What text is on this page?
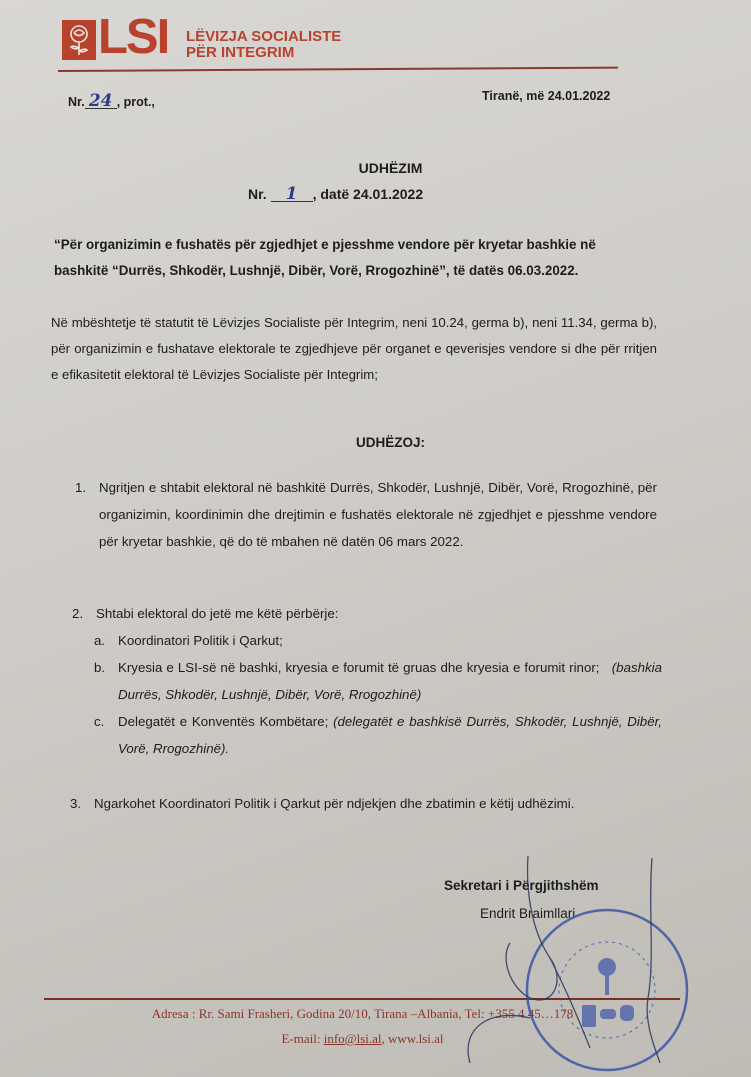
LSI	LËVIZJA SOCIALISTE
PËR INTEGRIM
Nr. 24 , prot.,	Tiranë, më 24.01.2022
UDHËZIM
Nr. 1 , datë 24.01.2022
“Për organizimin e fushatës për zgjedhjet e pjesshme vendore për kryetar bashkie në
bashkitë “Durrës, Shkodër, Lushnjë, Dibër, Vorë, Rrogozhinë”, të datës 06.03.2022.
Në mbështetje të statutit të Lëvizjes Socialiste për Integrim, neni 10.24, germa b), neni 11.34, germa b), për organizimin e fushatave elektorale te zgjedhjeve për organet e qeverisjes vendore si dhe për rritjen e efikasitetit elektoral të Lëvizjes Socialiste për Integrim;
UDHËZOJ:
1. Ngritjen e shtabit elektoral në bashkitë Durrës, Shkodër, Lushnjë, Dibër, Vorë, Rrogozhinë, për organizimin, koordinimin dhe drejtimin e fushatës elektorale në zgjedhjet e pjesshme vendore për kryetar bashkie, që do të mbahen në datën 06 mars 2022.
2. Shtabi elektoral do jetë me këtë përbërje:
a. Koordinatori Politik i Qarkut;
b. Kryesia e LSI-së në bashki, kryesia e forumit të gruas dhe kryesia e forumit rinor; (bashkia Durrës, Shkodër, Lushnjë, Dibër, Vorë, Rrogozhinë)
c. Delegatët e Konventës Kombëtare; (delegatët e bashkisë Durrës, Shkodër, Lushnjë, Dibër, Vorë, Rrogozhinë).
3. Ngarkohet Koordinatori Politik i Qarkut për ndjekjen dhe zbatimin e këtij udhëzimi.
Sekretari i Përgjithshëm
Endrit Braimllari
Adresa : Rr. Sami Frasheri, Godina 20/10, Tirana –Albania, Tel: +355 4 45…178
E-mail: info@lsi.al, www.lsi.al
